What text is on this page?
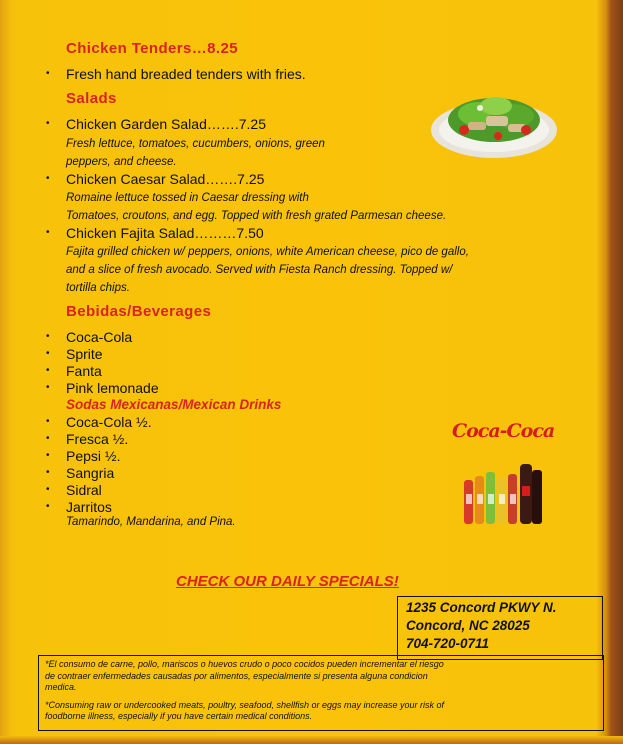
Chicken Tenders…8.25
• Fresh hand breaded tenders with fries.
Salads
• Chicken Garden Salad…….7.25
Fresh lettuce, tomatoes, cucumbers, onions, green
peppers, and cheese.
• Chicken Caesar Salad…….7.25
Romaine lettuce tossed in Caesar dressing with
Tomatoes, croutons, and egg. Topped with fresh grated Parmesan cheese.
• Chicken Fajita Salad………7.50
Fajita grilled chicken w/ peppers, onions, white American cheese, pico de gallo,
and a slice of fresh avocado. Served with Fiesta Ranch dressing. Topped w/
tortilla chips.
Bebidas/Beverages
• Coca-Cola
• Sprite
• Fanta
• Pink lemonade
Sodas Mexicanas/Mexican Drinks
• Coca-Cola ½.
• Fresca ½.
• Pepsi ½.
• Sangria
• Sidral
• Jarritos
Tamarindo, Mandarina, and Pina.
Coca-Coca
CHECK OUR DAILY SPECIALS!
1235 Concord PKWY N.
Concord, NC 28025
704-720-0711
*El consumo de carne, pollo, mariscos o huevos crudo o poco cocidos pueden incrementar el riesgo
de contraer enfermedades causadas por alimentos, especialmente si presenta alguna condicion
medica.
*Consuming raw or undercooked meats, poultry, seafood, shellfish or eggs may increase your risk of
foodborne illness, especially if you have certain medical conditions.
